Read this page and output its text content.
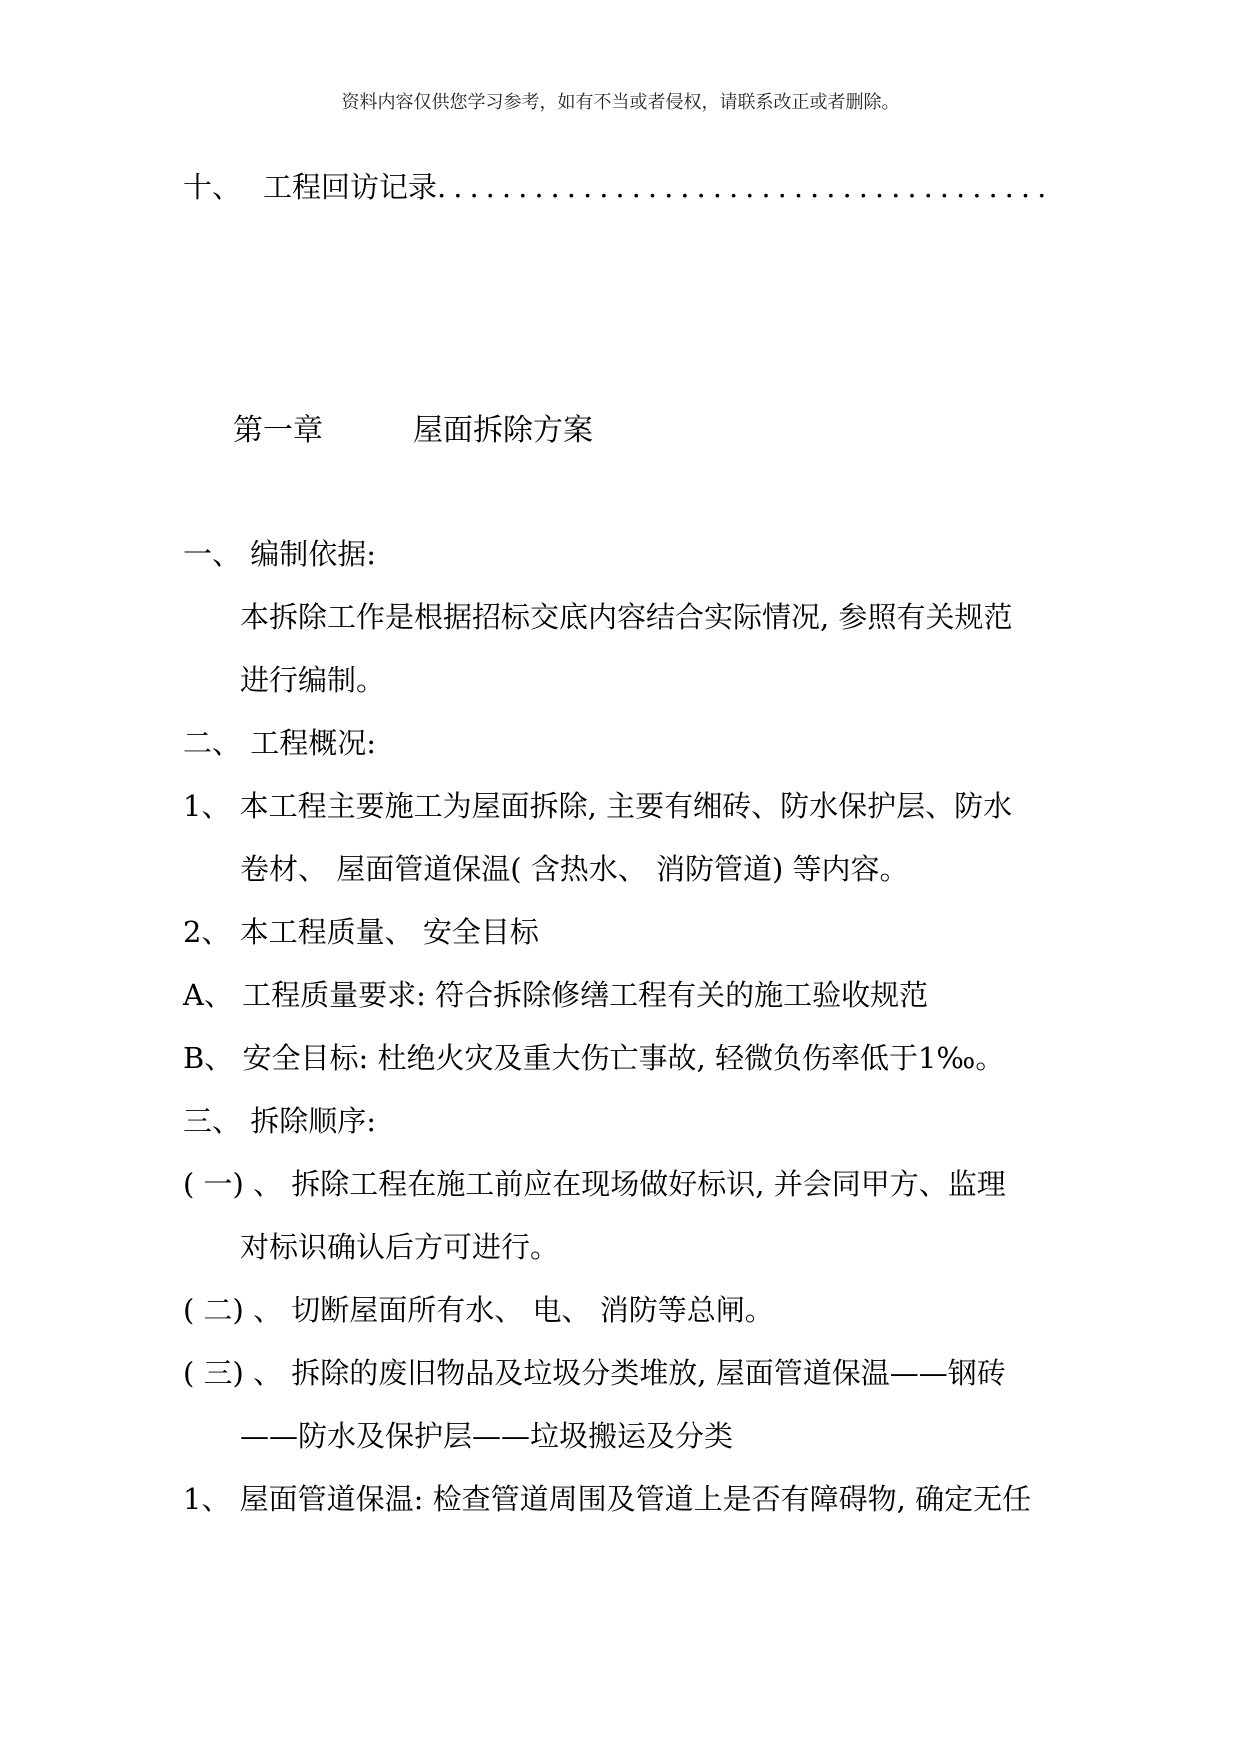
资料内容仅供您学习参考，如有不当或者侵权，请联系改正或者删除。
十、 工程回访记录......................................
第一章	屋面拆除方案
一、 编制依据:
本拆除工作是根据招标交底内容结合实际情况, 参照有关规范
进行编制。
二、 工程概况:
1、 本工程主要施工为屋面拆除, 主要有缃砖、防水保护层、防水
卷材、 屋面管道保温( 含热水、 消防管道) 等内容。
2、 本工程质量、 安全目标
A、 工程质量要求: 符合拆除修缮工程有关的施工验收规范
B、 安全目标: 杜绝火灾及重大伤亡事故, 轻微负伤率低于1‰。
三、 拆除顺序:
( 一) 、 拆除工程在施工前应在现场做好标识, 并会同甲方、监理
对标识确认后方可进行。
( 二) 、 切断屋面所有水、 电、 消防等总闸。
( 三) 、 拆除的废旧物品及垃圾分类堆放, 屋面管道保温——钢砖
——防水及保护层——垃圾搬运及分类
1、 屋面管道保温: 检查管道周围及管道上是否有障碍物, 确定无任
